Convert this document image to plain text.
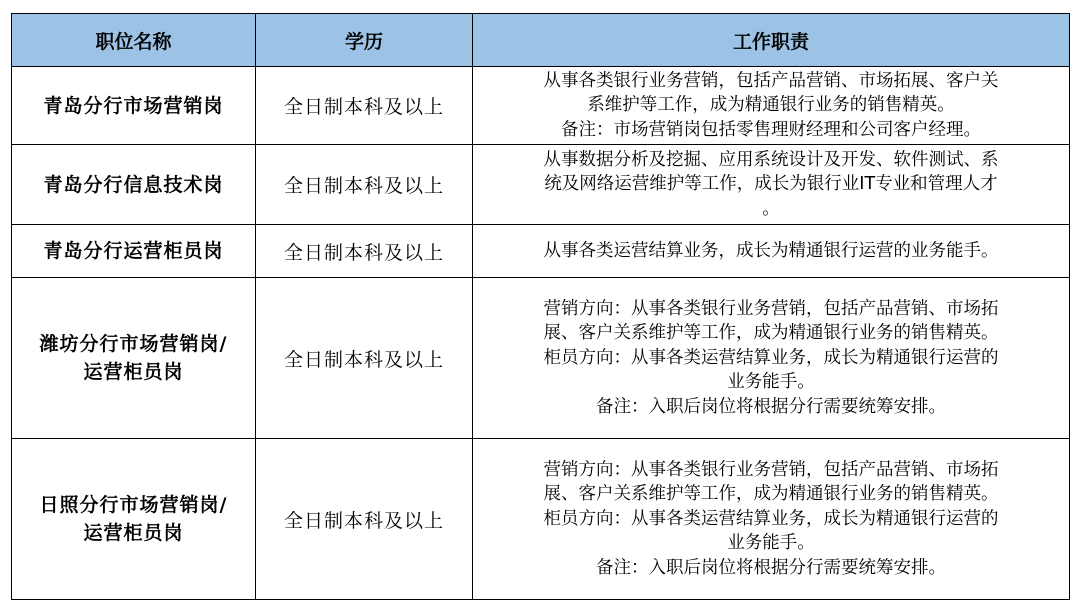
职位名称	学历	工作职责

青岛分行市场营销岗	全日制本科及以上	从事各类银行业务营销，包括产品营销、市场拓展、客户关
系维护等工作，成为精通银行业务的销售精英。
备注：市场营销岗包括零售理财经理和公司客户经理。

青岛分行信息技术岗	全日制本科及以上	从事数据分析及挖掘、应用系统设计及开发、软件测试、系
统及网络运营维护等工作，成长为银行业IT专业和管理人才
。

青岛分行运营柜员岗	全日制本科及以上	从事各类运营结算业务，成长为精通银行运营的业务能手。

潍坊分行市场营销岗/
运营柜员岗	全日制本科及以上	营销方向：从事各类银行业务营销，包括产品营销、市场拓
展、客户关系维护等工作，成为精通银行业务的销售精英。
柜员方向：从事各类运营结算业务，成长为精通银行运营的
业务能手。
备注：入职后岗位将根据分行需要统筹安排。

日照分行市场营销岗/
运营柜员岗	全日制本科及以上	营销方向：从事各类银行业务营销，包括产品营销、市场拓
展、客户关系维护等工作，成为精通银行业务的销售精英。
柜员方向：从事各类运营结算业务，成长为精通银行运营的
业务能手。
备注：入职后岗位将根据分行需要统筹安排。
